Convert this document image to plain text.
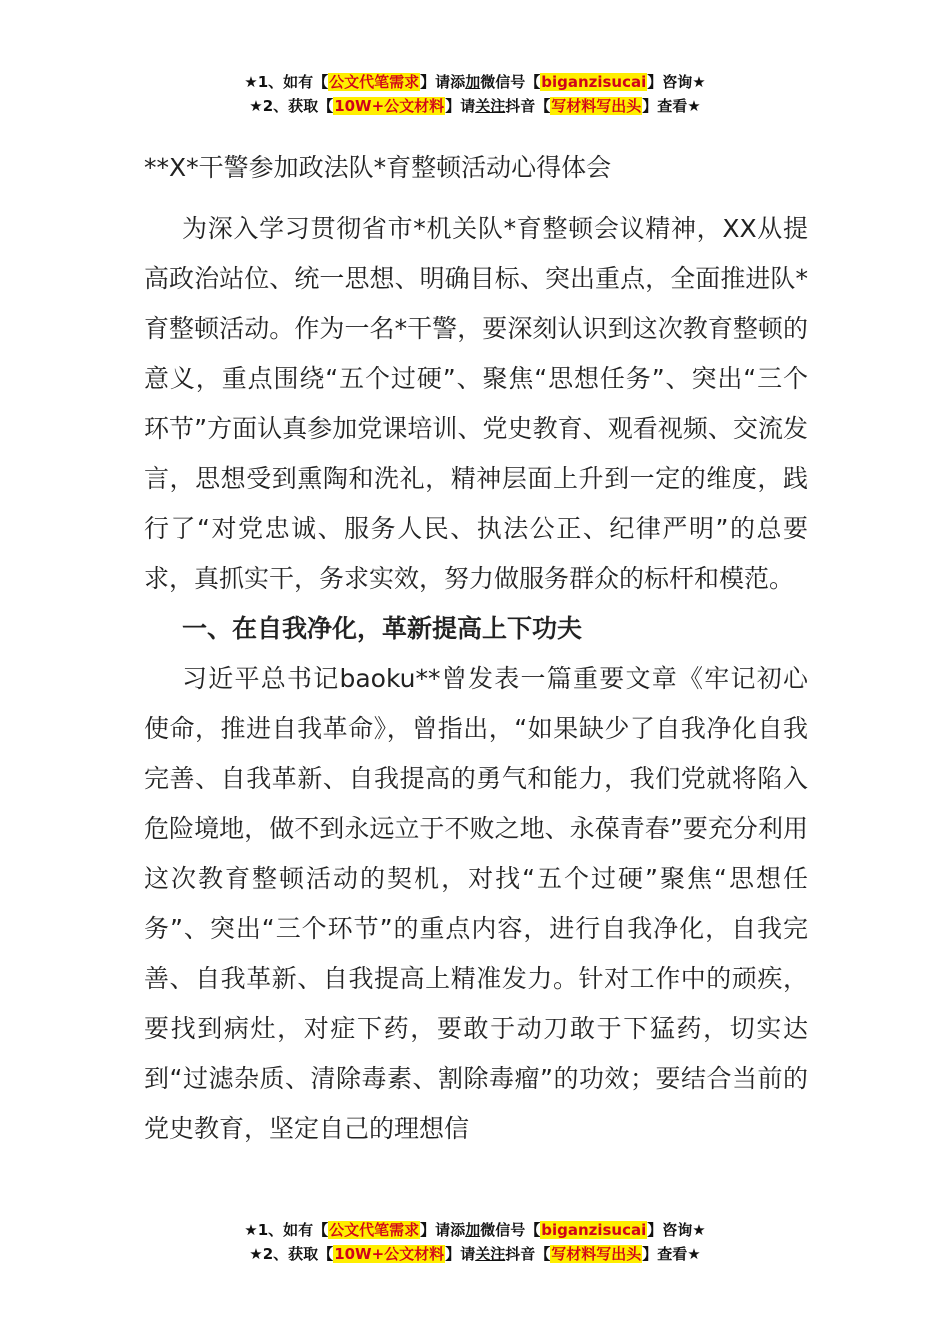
★1、如有【公文代笔需求】请添加微信号【biganzisucai】咨询★
★2、获取【10W+公文材料】请关注抖音【写材料写出头】查看★
**X*干警参加政法队*育整顿活动心得体会

为深入学习贯彻省市*机关队*育整顿会议精神，XX从提高政治站位、统一思想、明确目标、突出重点，全面推进队*育整顿活动。作为一名*干警，要深刻认识到这次教育整顿的意义，重点围绕“五个过硬”、聚焦“思想任务”、突出“三个环节”方面认真参加党课培训、党史教育、观看视频、交流发言，思想受到熏陶和洗礼，精神层面上升到一定的维度，践行了“对党忠诚、服务人民、执法公正、纪律严明”的总要求，真抓实干，务求实效，努力做服务群众的标杆和模范。

一、在自我净化，革新提高上下功夫

习近平总书记baoku**曾发表一篇重要文章《牢记初心使命，推进自我革命》，曾指出，“如果缺少了自我净化自我完善、自我革新、自我提高的勇气和能力，我们党就将陷入危险境地，做不到永远立于不败之地、永葆青春”要充分利用这次教育整顿活动的契机，对找“五个过硬”聚焦“思想任务”、突出“三个环节”的重点内容，进行自我净化，自我完善、自我革新、自我提高上精准发力。针对工作中的顽疾，要找到病灶，对症下药，要敢于动刀敢于下猛药，切实达到“过滤杂质、清除毒素、割除毒瘤”的功效；要结合当前的党史教育，坚定自己的理想信

★1、如有【公文代笔需求】请添加微信号【biganzisucai】咨询★
★2、获取【10W+公文材料】请关注抖音【写材料写出头】查看★
